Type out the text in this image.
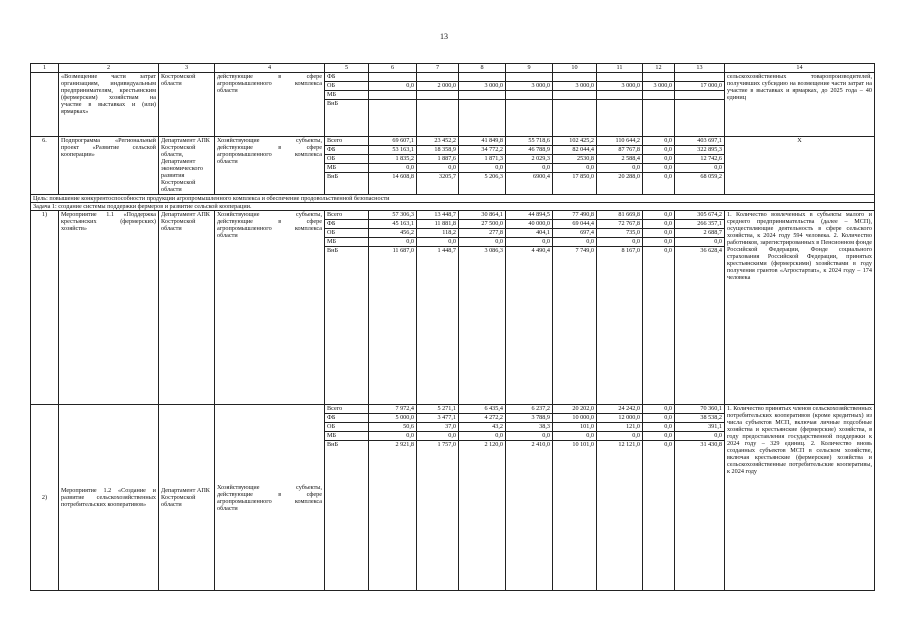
13
1	2	3	4	5	6	7	8	9	10	11	12	13	14
	«Возмещение части затрат организациям, индивидуальным предпринимателям, крестьянским (фермерским) хозяйствам на участие в выставках и (или) ярмарках»	Костромской области	действующие в сфере агропромышленного комплекса области	ФБ									сельскохозяйственных товаропроизводителей, получивших субсидию на возмещение части затрат на участие в выставках и ярмарках, до 2025 года – 40 единиц
				ОБ	0,0	2 000,0	3 000,0	3 000,0	3 000,0	3 000,0	3 000,0	17 000,0	
				МБ									
				ВнБ									
6.	Подпрограмма «Региональный проект «Развитие сельской кооперации»	Департамент АПК Костромской области, Департамент экономического развития Костромской области	Хозяйствующие субъекты, действующие в сфере агропромышленного комплекса области	Всего	69 607,1	23 452,2	41 849,8	55 718,6	102 425,2	110 644,2	0,0	403 697,1	X
				ФБ	53 163,1	18 358,9	34 772,2	46 788,9	82 044,4	87 767,8	0,0	322 895,3	
				ОБ	1 835,2	1 887,6	1 871,3	2 029,3	2530,8	2 588,4	0,0	12 742,6	
				МБ	0,0	0,0	0,0	0,0	0,0	0,0	0,0	0,0	
				ВнБ	14 608,8	3205,7	5 206,3	6900,4	17 850,0	20 288,0	0,0	68 059,2	
Цель: повышение конкурентоспособности продукции агропромышленного комплекса и обеспечение продовольственной безопасности													
Задача 1: создание системы поддержки фермеров и развитие сельской кооперации.													
1)	Мероприятие 1.1 «Поддержка крестьянских (фермерских) хозяйств»	Департамент АПК Костромской области	Хозяйствующие субъекты, действующие в сфере агропромышленного комплекса области	Всего	57 306,3	13 448,7	30 864,1	44 894,5	77 490,8	81 669,8	0,0	305 674,2	1. Количество вовлеченных в субъекты малого и среднего предпринимательства (далее – МСП), осуществляющие деятельность в сфере сельского хозяйства, к 2024 году 594 человека. 2. Количество работников, зарегистрированных в Пенсионном фонде Российской Федерации, Фонде социального страхования Российской Федерации, принятых крестьянскими (фермерскими) хозяйствами в году получения грантов «Агростартап», к 2024 году – 174 человека
				ФБ	45 163,1	11 881,8	27 500,0	40 000,0	69 044,4	72 767,8	0,0	266 357,1	
				ОБ	456,2	118,2	277,8	404,1	697,4	735,0	0,0	2 688,7	
				МБ	0,0	0,0	0,0	0,0	0,0	0,0	0,0	0,0	
				ВнБ	11 687,0	1 448,7	3 086,3	4 490,4	7 749,0	8 167,0	0,0	36 628,4	
2)	Мероприятие 1.2 «Создание и развитие сельскохозяйственных потребительских кооперативов»	Департамент АПК Костромской области	Хозяйствующие субъекты, действующие в сфере агропромышленного комплекса области	Всего	7 972,4	5 271,1	6 435,4	6 237,2	20 202,0	24 242,0	0,0	70 360,1	1. Количество принятых членов сельскохозяйственных потребительских кооперативов (кроме кредитных) из числа субъектов МСП, включая личные подсобные хозяйства и крестьянские (фермерские) хозяйства, в году предоставления государственной поддержки к 2024 году – 329 единиц. 2. Количество вновь созданных субъектов МСП в сельском хозяйстве, включая крестьянские (фермерские) хозяйства и сельскохозяйственные потребительские кооперативы, к 2024 году
				ФБ	5 000,0	3 477,1	4 272,2	3 788,9	10 000,0	12 000,0	0,0	38 538,2	
				ОБ	50,6	37,0	43,2	38,3	101,0	121,0	0,0	391,1	
				МБ	0,0	0,0	0,0	0,0	0,0	0,0	0,0	0,0	
				ВнБ	2 921,8	1 757,0	2 120,0	2 410,0	10 101,0	12 121,0	0,0	31 430,8	
